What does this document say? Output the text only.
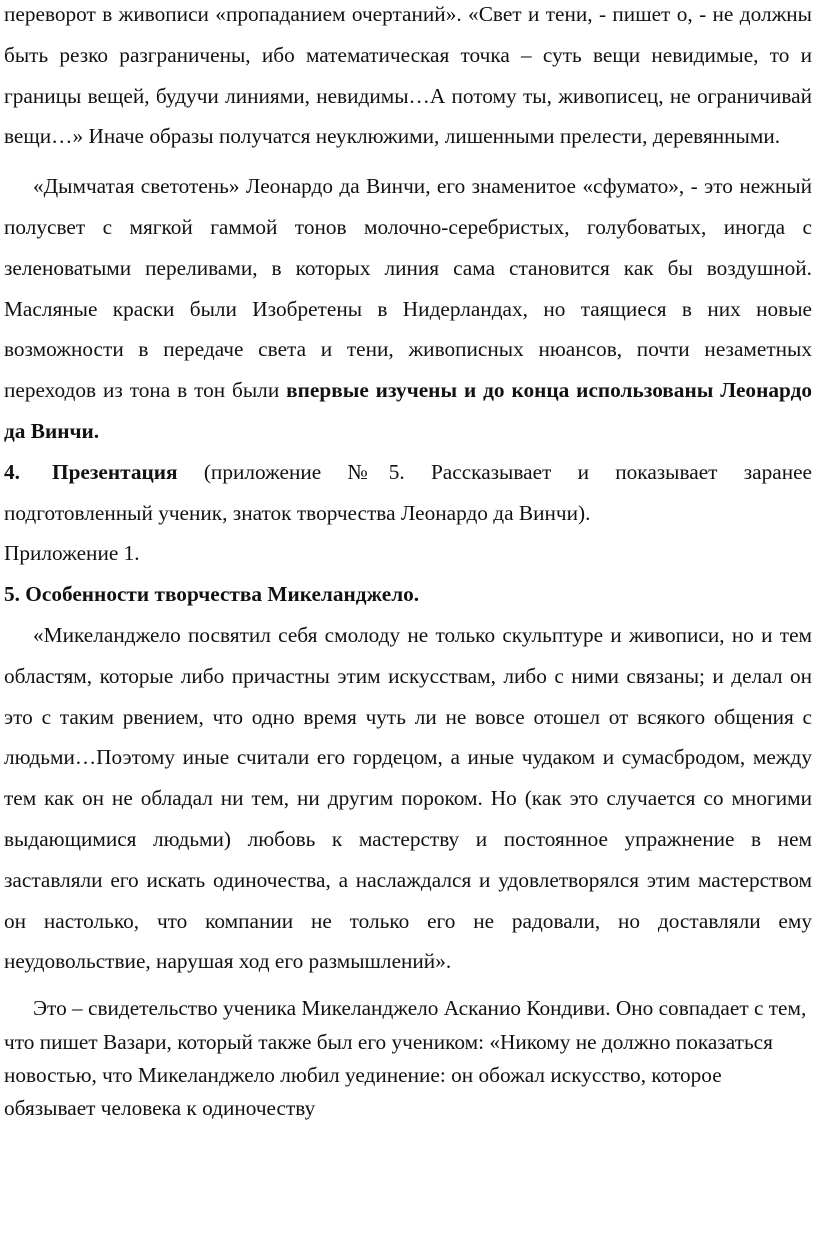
переворот в живописи «пропаданием очертаний». «Свет и тени, - пишет о, - не должны быть резко разграничены, ибо математическая точка – суть вещи невидимые, то и границы вещей, будучи линиями, невидимы…А потому ты, живописец, не ограничивай вещи…» Иначе образы получатся неуклюжими, лишенными прелести, деревянными.

«Дымчатая светотень» Леонардо да Винчи, его знаменитое «сфумато», - это нежный полусвет с мягкой гаммой тонов молочно-серебристых, голубоватых, иногда с зеленоватыми переливами, в которых линия сама становится как бы воздушной. Масляные краски были Изобретены в Нидерландах, но таящиеся в них новые возможности в передаче света и тени, живописных нюансов, почти незаметных переходов из тона в тон были впервые изучены и до конца использованы Леонардо да Винчи.

4. Презентация (приложение №5. Рассказывает и показывает заранее подготовленный ученик, знаток творчества Леонардо да Винчи).

Приложение 1.

5. Особенности творчества Микеланджело.

«Микеланджело посвятил себя смолоду не только скульптуре и живописи, но и тем областям, которые либо причастны этим искусствам, либо с ними связаны; и делал он это с таким рвением, что одно время чуть ли не вовсе отошел от всякого общения с людьми…Поэтому иные считали его гордецом, а иные чудаком и сумасбродом, между тем как он не обладал ни тем, ни другим пороком. Но (как это случается со многими выдающимися людьми) любовь к мастерству и постоянное упражнение в нем заставляли его искать одиночества, а наслаждался и удовлетворялся этим мастерством он настолько, что компании не только его не радовали, но доставляли ему неудовольствие, нарушая ход его размышлений».

Это – свидетельство ученика Микеланджело Асканио Кондиви. Оно совпадает с тем, что пишет Вазари, который также был его учеником: «Никому не должно показаться новостью, что Микеланджело любил уединение: он обожал искусство, которое обязывает человека к одиночеству
